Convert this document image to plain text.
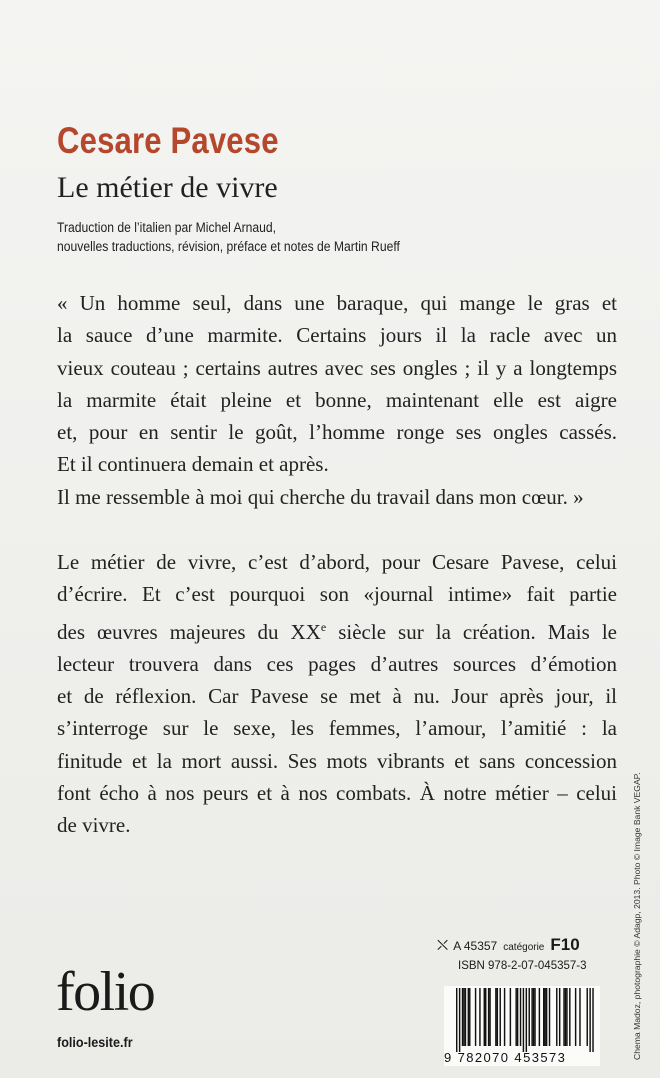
Cesare Pavese
Le métier de vivre
Traduction de l’italien par Michel Arnaud,
nouvelles traductions, révision, préface et notes de Martin Rueff
« Un homme seul, dans une baraque, qui mange le gras et
la sauce d’une marmite. Certains jours il la racle avec un
vieux couteau ; certains autres avec ses ongles ; il y a longtemps
la marmite était pleine et bonne, maintenant elle est aigre
et, pour en sentir le goût, l’homme ronge ses ongles cassés.
Et il continuera demain et après.
Il me ressemble à moi qui cherche du travail dans mon cœur. »
Le métier de vivre, c’est d’abord, pour Cesare Pavese, celui
d’écrire. Et c’est pourquoi son «journal intime» fait partie
des œuvres majeures du XXe siècle sur la création. Mais le
lecteur trouvera dans ces pages d’autres sources d’émotion
et de réflexion. Car Pavese se met à nu. Jour après jour, il
s’interroge sur le sexe, les femmes, l’amour, l’amitié : la
finitude et la mort aussi. Ses mots vibrants et sans concession
font écho à nos peurs et à nos combats. À notre métier – celui
de vivre.
folio
folio-lesite.fr
⛌ A 45357 catégorie F10
ISBN 978-2-07-045357-3
9 782070 453573	Chema Madoz, photographie © Adagp, 2013. Photo © Image Bank VEGAP.
